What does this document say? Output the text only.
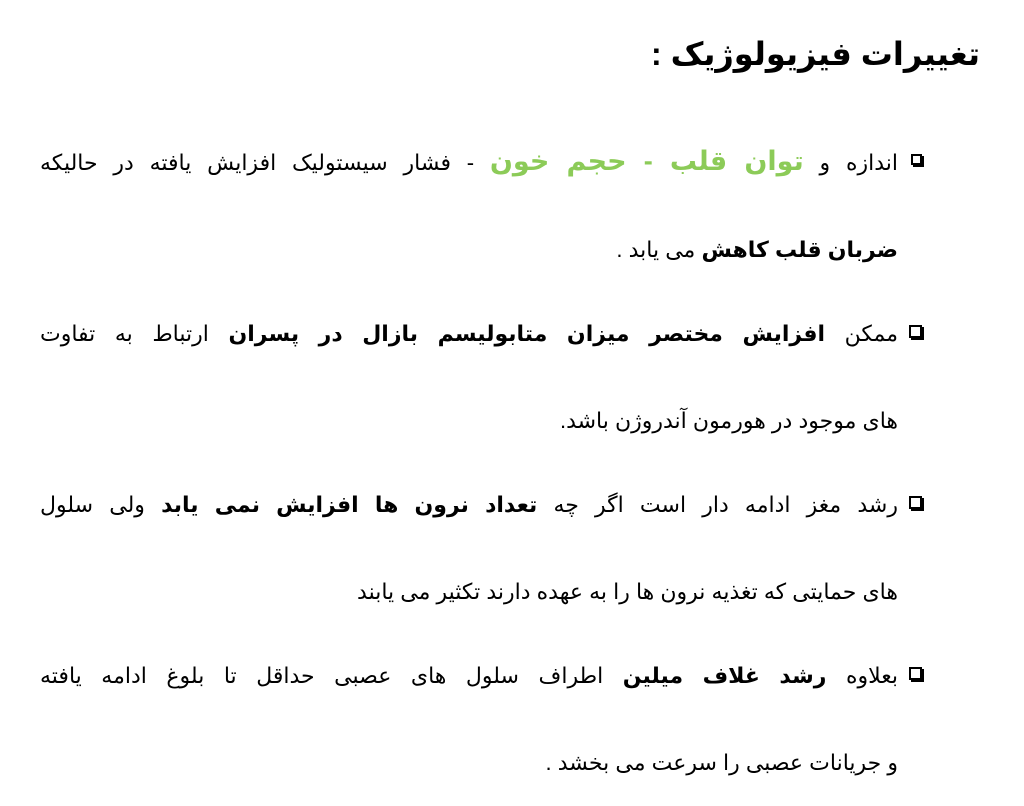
تغییرات فیزیولوژیک :
اندازه و توان قلب - حجم خون - فشار سیستولیک افزایش یافته در حالیکه
ضربان قلب کاهش می یابد .
ممکن افزایش مختصر میزان متابولیسم بازال در پسران ارتباط به تفاوت
های موجود در هورمون آندروژن باشد.
رشد مغز ادامه دار است اگر چه تعداد نرون ها افزایش نمی یابد ولی سلول
های حمایتی که تغذیه نرون ها را به عهده دارند تکثیر می یابند
بعلاوه رشد غلاف میلین اطراف سلول های عصبی حداقل تا بلوغ ادامه یافته
و جریانات عصبی را سرعت می بخشد .
